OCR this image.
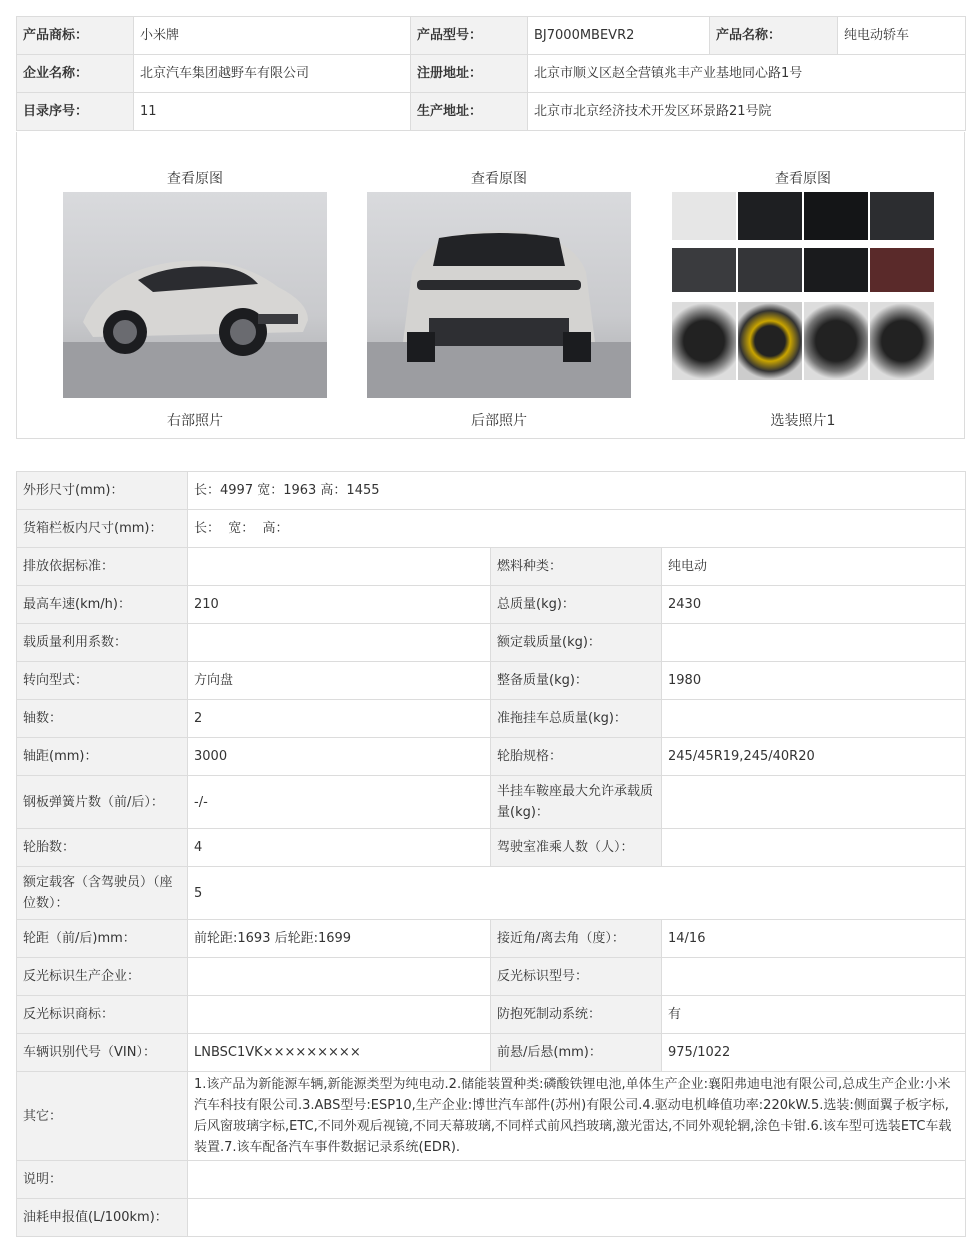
产品商标：	小米牌	产品型号：	BJ7000MBEVR2	产品名称：	纯电动轿车
企业名称：	北京汽车集团越野车有限公司	注册地址：	北京市顺义区赵全营镇兆丰产业基地同心路1号		
目录序号：	11	生产地址：	北京市北京经济技术开发区环景路21号院		
查看原图
右部照片
查看原图
后部照片
查看原图
选装照片1
外形尺寸(mm)：	长：4997 宽：1963 高：1455		
货箱栏板内尺寸(mm)：	长：  宽：  高：		
排放依据标准：		燃料种类：	纯电动
最高车速(km/h)：	210	总质量(kg)：	2430
载质量利用系数：		额定载质量(kg)：	
转向型式：	方向盘	整备质量(kg)：	1980
轴数：	2	准拖挂车总质量(kg)：	
轴距(mm)：	3000	轮胎规格：	245/45R19,245/40R20
钢板弹簧片数（前/后）：	-/-	半挂车鞍座最大允许承载质量(kg)：	
轮胎数：	4	驾驶室准乘人数（人）：	
额定载客（含驾驶员）（座位数）：	5		
轮距（前/后)mm：	前轮距:1693 后轮距:1699	接近角/离去角（度）：	14/16
反光标识生产企业：		反光标识型号：	
反光标识商标：		防抱死制动系统：	有
车辆识别代号（VIN）：	LNBSC1VK×××××××××	前悬/后悬(mm)：	975/1022
其它：	1.该产品为新能源车辆,新能源类型为纯电动.2.储能装置种类:磷酸铁锂电池,单体生产企业:襄阳弗迪电池有限公司,总成生产企业:小米汽车科技有限公司.3.ABS型号:ESP10,生产企业:博世汽车部件(苏州)有限公司.4.驱动电机峰值功率:220kW.5.选装:侧面翼子板字标,后风窗玻璃字标,ETC,不同外观后视镜,不同天幕玻璃,不同样式前风挡玻璃,激光雷达,不同外观轮辋,涂色卡钳.6.该车型可选装ETC车载装置.7.该车配备汽车事件数据记录系统(EDR).		
说明：			
油耗申报值(L/100km)：			
